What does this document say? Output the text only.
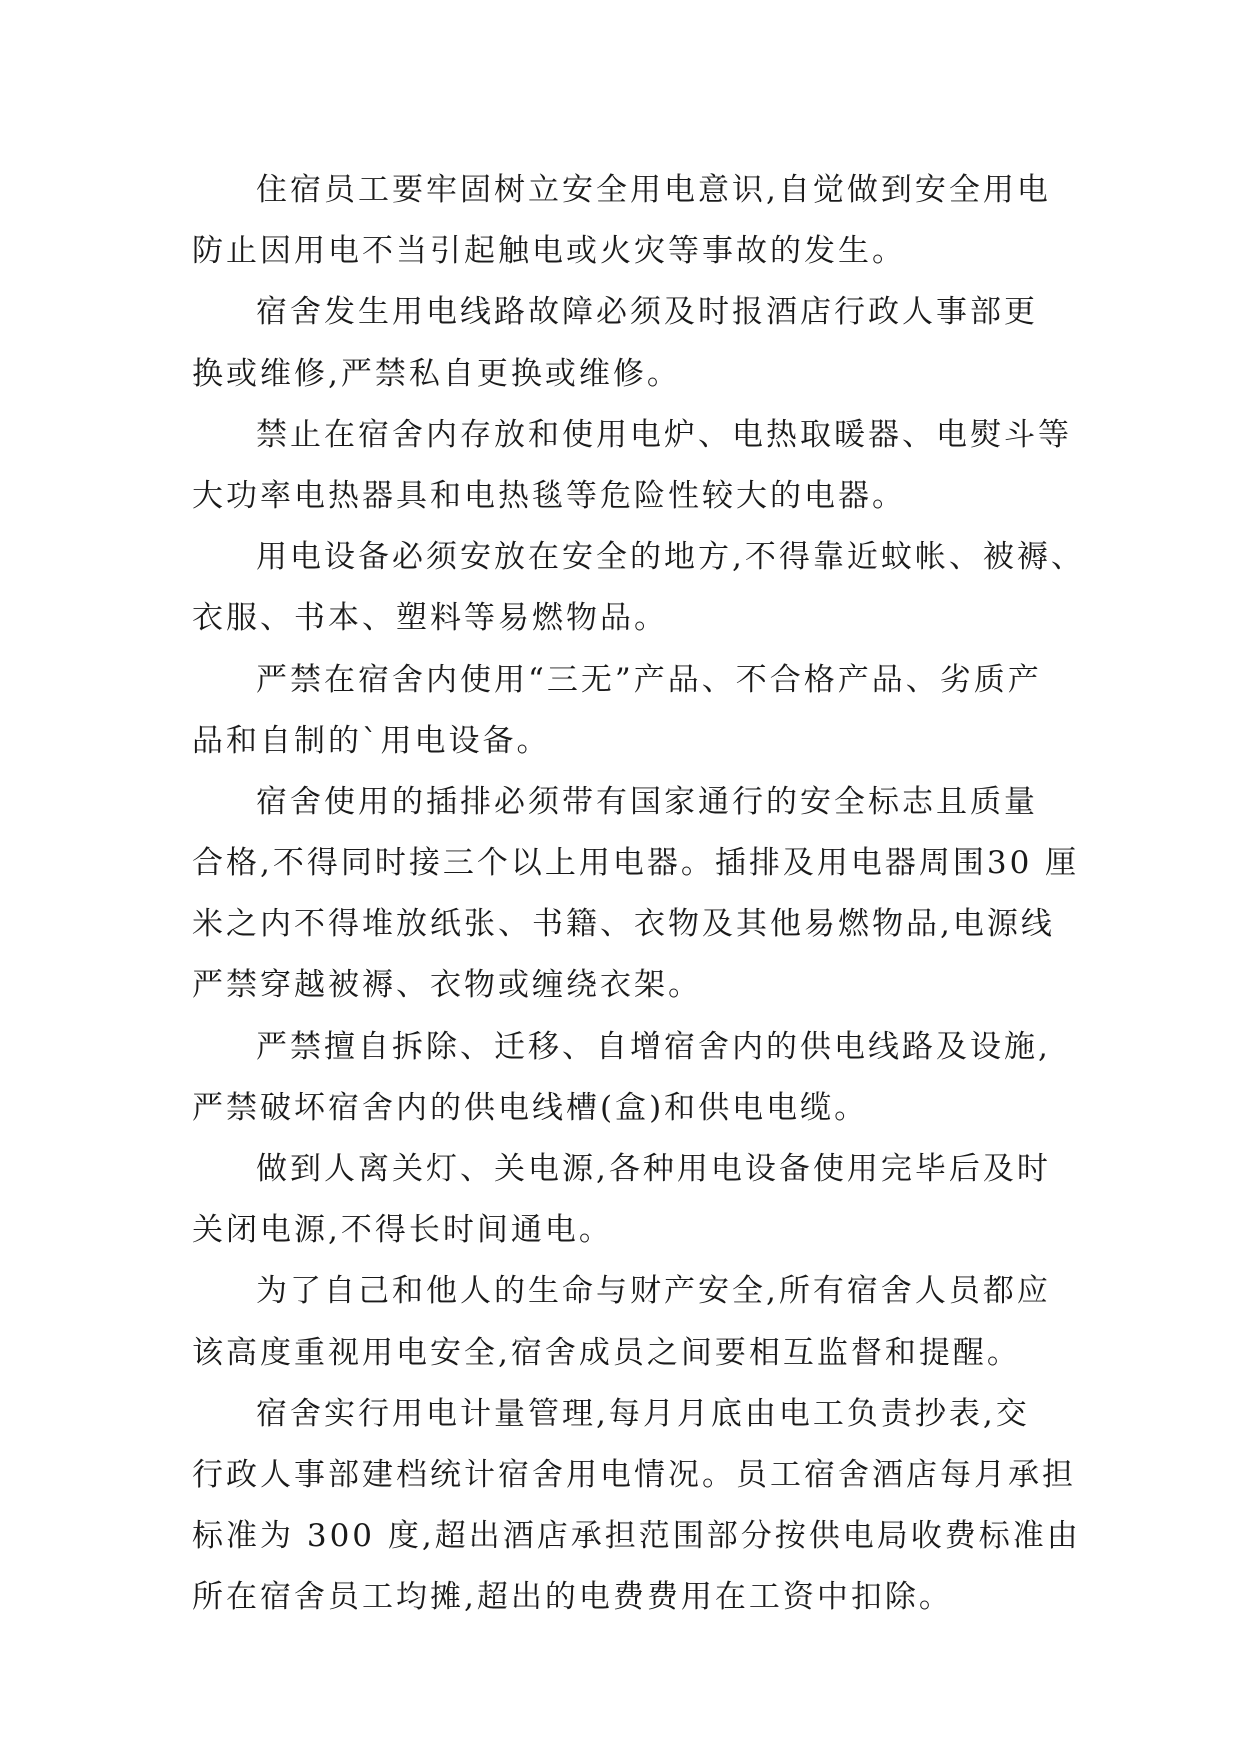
住宿员工要牢固树立安全用电意识,自觉做到安全用电
防止因用电不当引起触电或火灾等事故的发生。
宿舍发生用电线路故障必须及时报酒店行政人事部更
换或维修,严禁私自更换或维修。
禁止在宿舍内存放和使用电炉、电热取暖器、电熨斗等
大功率电热器具和电热毯等危险性较大的电器。
用电设备必须安放在安全的地方,不得靠近蚊帐、被褥、
衣服、书本、塑料等易燃物品。
严禁在宿舍内使用“三无”产品、不合格产品、劣质产
品和自制的`用电设备。
宿舍使用的插排必须带有国家通行的安全标志且质量
合格,不得同时接三个以上用电器。插排及用电器周围30 厘
米之内不得堆放纸张、书籍、衣物及其他易燃物品,电源线
严禁穿越被褥、衣物或缠绕衣架。
严禁擅自拆除、迁移、自增宿舍内的供电线路及设施,
严禁破坏宿舍内的供电线槽(盒)和供电电缆。
做到人离关灯、关电源,各种用电设备使用完毕后及时
关闭电源,不得长时间通电。
为了自己和他人的生命与财产安全,所有宿舍人员都应
该高度重视用电安全,宿舍成员之间要相互监督和提醒。
宿舍实行用电计量管理,每月月底由电工负责抄表,交
行政人事部建档统计宿舍用电情况。员工宿舍酒店每月承担
标准为 300 度,超出酒店承担范围部分按供电局收费标准由
所在宿舍员工均摊,超出的电费费用在工资中扣除。
